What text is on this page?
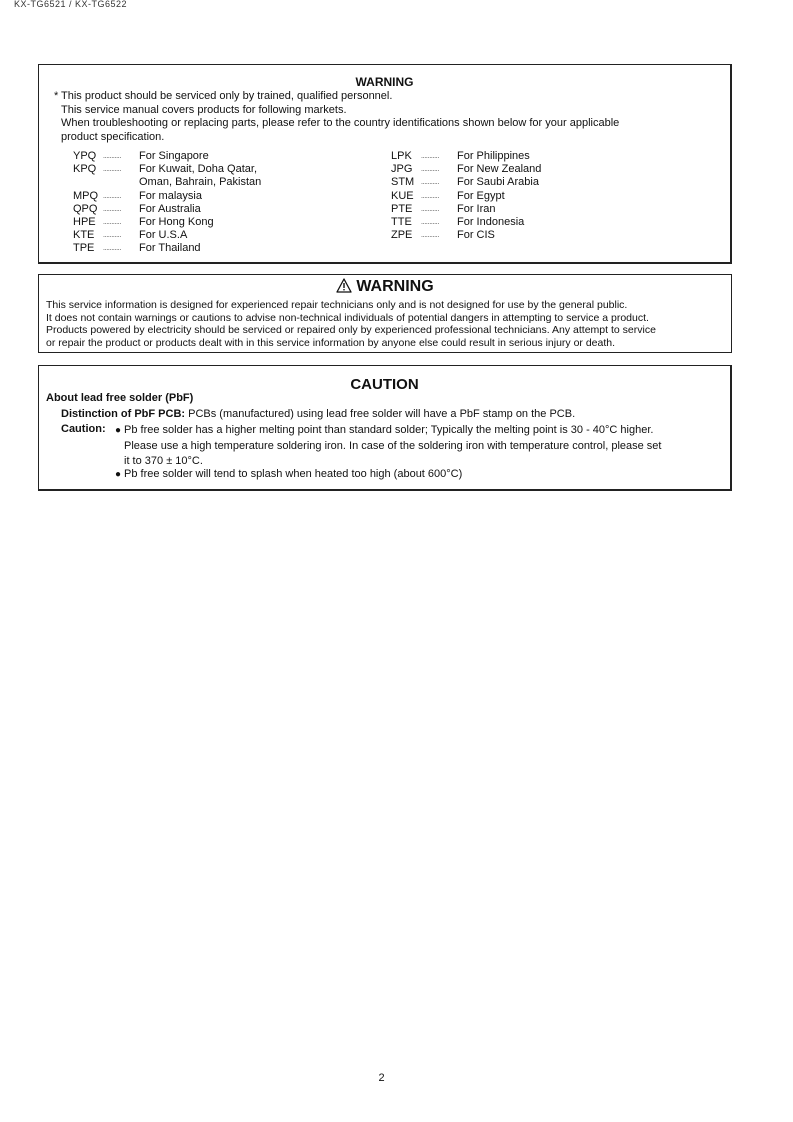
KX-TG6521 / KX-TG6522
WARNING
* This product should be serviced only by trained, qualified personnel.

This service manual covers products for following markets.

When troubleshooting or replacing parts, please refer to the country identifications shown below for your applicable

product specification.

YPQ ...........	For Singapore
KPQ ...........	For Kuwait, Doha Qatar,
Oman, Bahrain, Pakistan
MPQ ...........	For malaysia
QPQ ...........	For Australia
HPE ...........	For Hong Kong
KTE ...........	For U.S.A
TPE ...........	For Thailand
LPK ...........	For Philippines
JPG ...........	For New Zealand
STM ...........	For Saubi Arabia
KUE ...........	For Egypt
PTE ...........	For Iran
TTE ...........	For Indonesia
ZPE ...........	For CIS
WARNING

This service information is designed for experienced repair technicians only and is not designed for use by the general public.

It does not contain warnings or cautions to advise non-technical individuals of potential dangers in attempting to service a product.

Products powered by electricity should be serviced or repaired only by experienced professional technicians. Any attempt to service

or repair the product or products dealt with in this service information by anyone else could result in serious injury or death.

CAUTION
About lead free solder (PbF)
Distinction of PbF PCB: PCBs (manufactured) using lead free solder will have a PbF stamp on the PCB.
Caution: ● Pb free solder has a higher melting point than standard solder; Typically the melting point is 30 - 40°C higher.

Please use a high temperature soldering iron. In case of the soldering iron with temperature control, please set

it to 370 ± 10°C.

● Pb free solder will tend to splash when heated too high (about 600°C)

2
